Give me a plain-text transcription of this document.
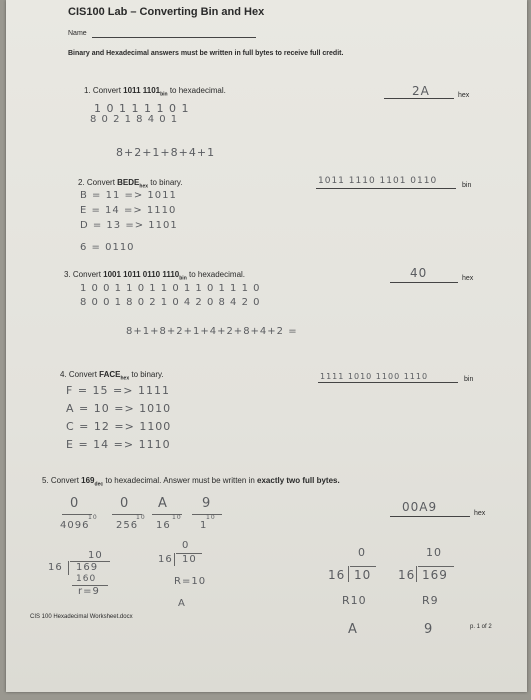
CIS100 Lab – Converting Bin and Hex
Name
Binary and Hexadecimal answers must be written in full bytes to receive full credit.
1. Convert 1011 $1101_{bin}$ to hexadecimal.	2A	hex
1 0 1 1 1 1 0 1
8 0 2 1 8 4 0 1
8+2+1+8+4+1
2. Convert $BEDE_{hex}$ to binary.	1011 1110 1101 0110	bin
B = 11 => 1011
E = 14 => 1110
D = 13 => 1101
6 = 0110
3. Convert 1001 1011 0110 $1110_{bin}$ to hexadecimal.	40	hex
1 0 0 1 1 0 1 1 0 1 1 0 1 1 1 0
8 0 0 1 8 0 2 1 0 4 2 0 8 4 2 0
8+1+8+2+1+4+2+8+4+2 =
4. Convert $FACE_{hex}$ to binary.	1111 1010 1100 1110	bin
F = 15 => 1111
A = 10 => 1010
C = 12 => 1100
E = 14 => 1110
5. Convert $169_{dec}$ to hexadecimal. Answer must be written in exactly two full bytes.
00A9	hex
0	0 A	9
10	10	10	10
4096	256 16	1
10
16 169
160
r=9
0
16 10
R=10
A
0
16 10
R10
A
10
16 169
R9
9
CIS 100 Hexadecimal Worksheet.docx
p. 1 of 2
